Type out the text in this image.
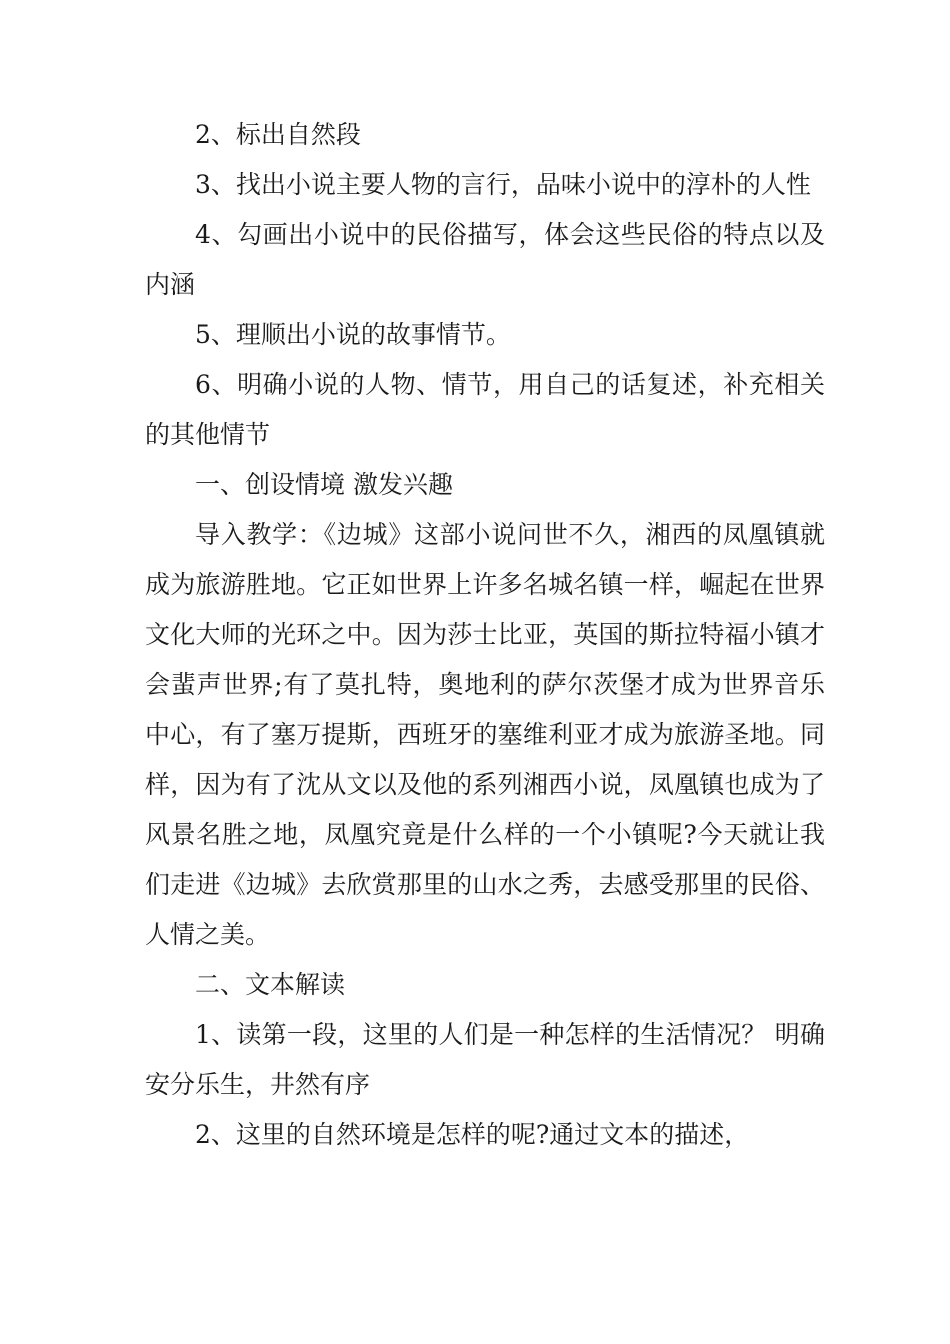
2、标出自然段

3、找出小说主要人物的言行，品味小说中的淳朴的人性

4、勾画出小说中的民俗描写，体会这些民俗的特点以及内涵

5、理顺出小说的故事情节。

6、明确小说的人物、情节，用自己的话复述，补充相关的其他情节

一、创设情境 激发兴趣

导入教学：《边城》这部小说问世不久，湘西的凤凰镇就成为旅游胜地。它正如世界上许多名城名镇一样，崛起在世界文化大师的光环之中。因为莎士比亚，英国的斯拉特福小镇才会蜚声世界;有了莫扎特，奥地利的萨尔茨堡才成为世界音乐中心，有了塞万提斯，西班牙的塞维利亚才成为旅游圣地。同样，因为有了沈从文以及他的系列湘西小说，凤凰镇也成为了风景名胜之地，凤凰究竟是什么样的一个小镇呢?今天就让我们走进《边城》去欣赏那里的山水之秀，去感受那里的民俗、人情之美。

二、文本解读

1、读第一段，这里的人们是一种怎样的生活情况？ 明确 安分乐生，井然有序

2、这里的自然环境是怎样的呢?通过文本的描述，
